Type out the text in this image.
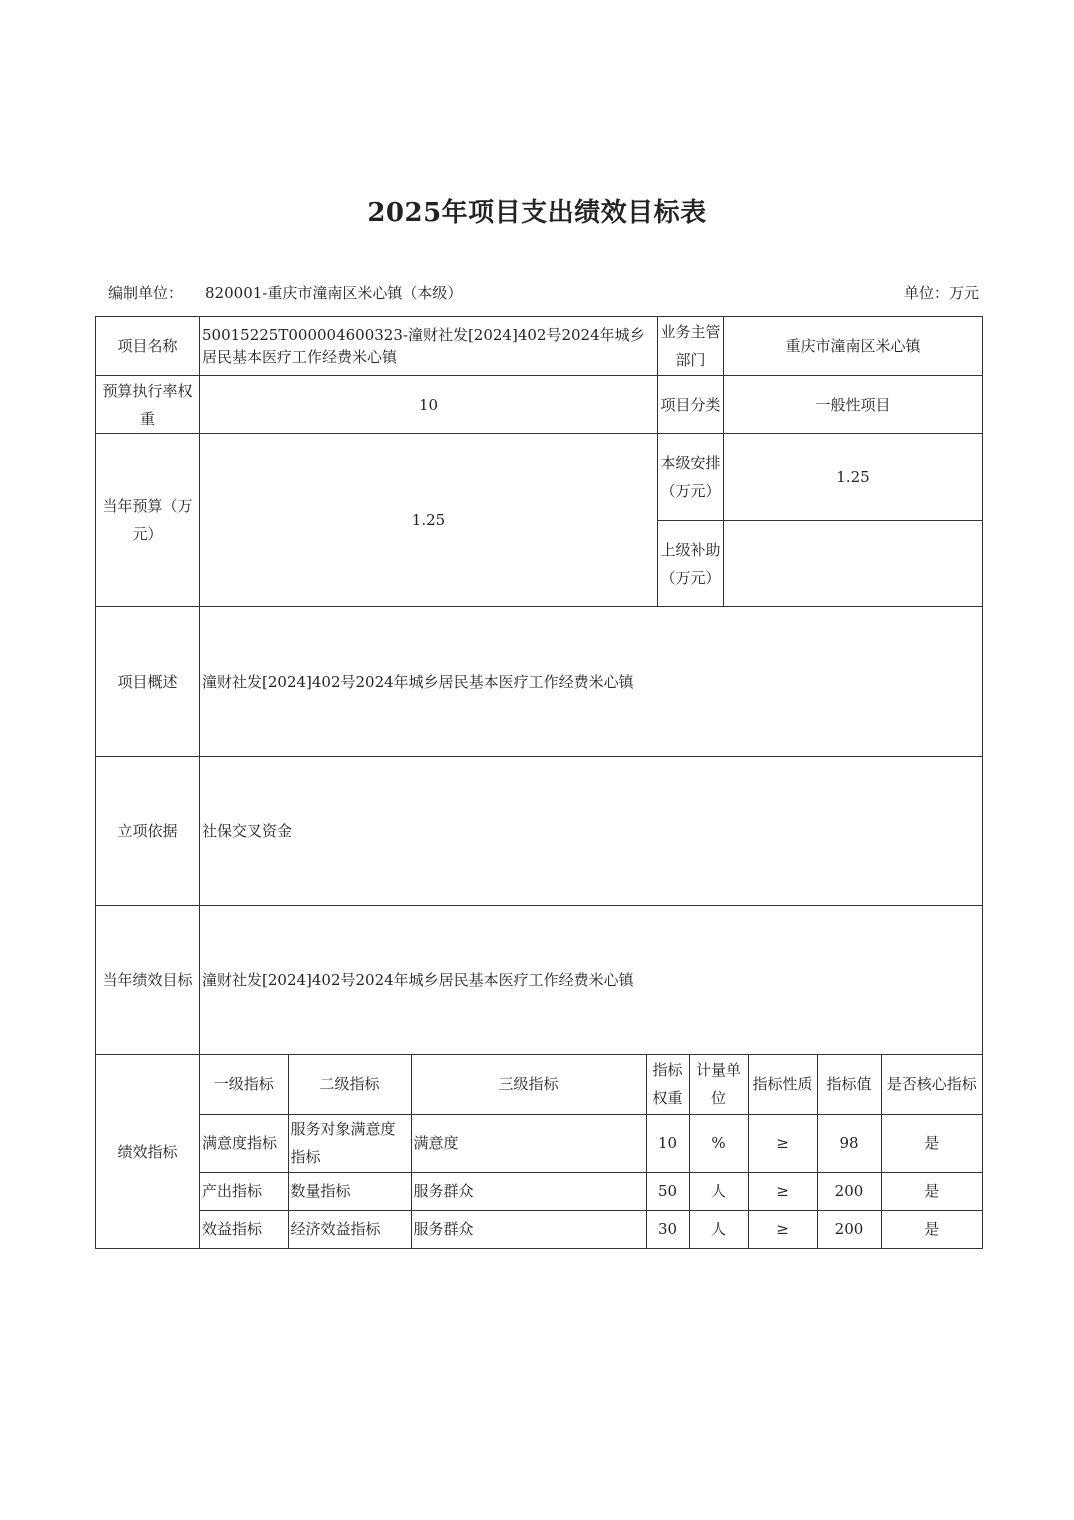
2025年项目支出绩效目标表
编制单位： 820001-重庆市潼南区米心镇（本级）	单位：万元
项目名称	50015225T000004600323-潼财社发[2024]402号2024年城乡居民基本医疗工作经费米心镇	业务主管部门	重庆市潼南区米心镇
预算执行率权重	10	项目分类	一般性项目
当年预算（万元）	1.25	本级安排（万元）	1.25
上级补助（万元）	
项目概述	潼财社发[2024]402号2024年城乡居民基本医疗工作经费米心镇
立项依据	社保交叉资金
当年绩效目标	潼财社发[2024]402号2024年城乡居民基本医疗工作经费米心镇
绩效指标	
一级指标	二级指标	三级指标	指标权重	计量单位	指标性质	指标值	是否核心指标
满意度指标	服务对象满意度指标	满意度	10	%	≥	98	是
产出指标	数量指标	服务群众	50	人	≥	200	是
效益指标	经济效益指标	服务群众	30	人	≥	200	是
